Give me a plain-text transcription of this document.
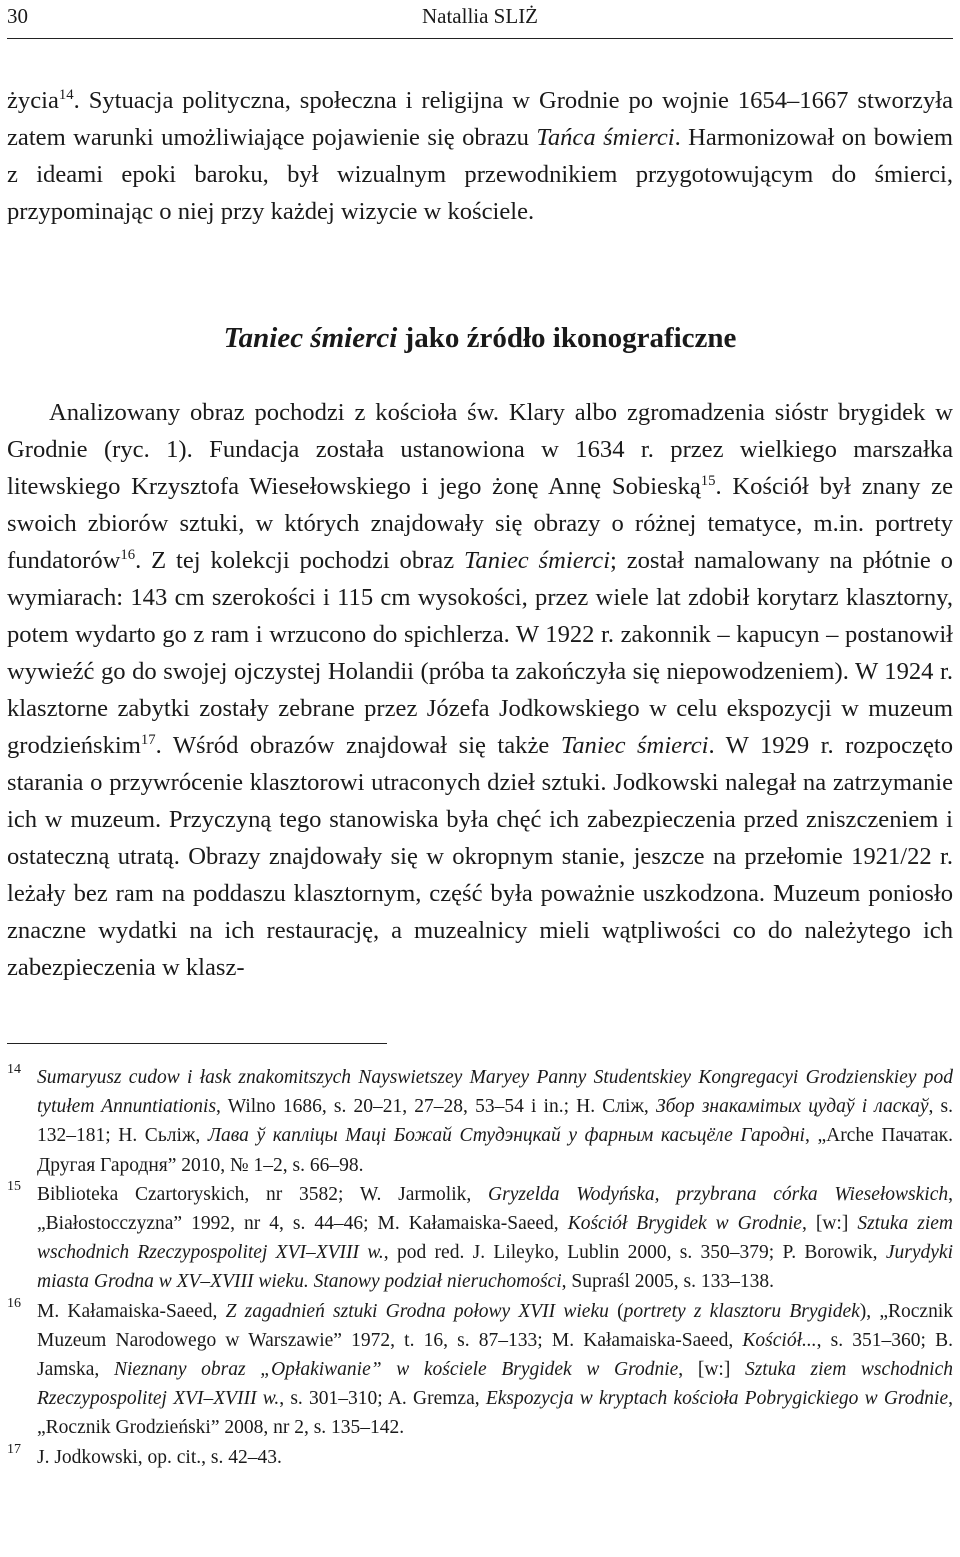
30	Natallia SLIŻ

życia$^{14}$. Sytuacja polityczna, społeczna i religijna w Grodnie po wojnie 1654–1667 stworzyła zatem warunki umożliwiające pojawienie się obrazu Tańca śmierci. Harmonizował on bowiem z ideami epoki baroku, był wizualnym przewodnikiem przygotowującym do śmierci, przypominając o niej przy każdej wizycie w kościele.

Taniec śmierci jako źródło ikonograficzne

Analizowany obraz pochodzi z kościoła św. Klary albo zgromadzenia sióstr brygidek w Grodnie (ryc. 1). Fundacja została ustanowiona w 1634 r. przez wielkiego marszałka litewskiego Krzysztofa Wiesełowskiego i jego żonę Annę Sobieską$^{15}$. Kościół był znany ze swoich zbiorów sztuki, w których znajdowały się obrazy o różnej tematyce, m.in. portrety fundatorów$^{16}$. Z tej kolekcji pochodzi obraz Taniec śmierci; został namalowany na płótnie o wymiarach: 143 cm szerokości i 115 cm wysokości, przez wiele lat zdobił korytarz klasztorny, potem wydarto go z ram i wrzucono do spichlerza. W 1922 r. zakonnik – kapucyn – postanowił wywieźć go do swojej ojczystej Holandii (próba ta zakończyła się niepowodzeniem). W 1924 r. klasztorne zabytki zostały zebrane przez Józefa Jodkowskiego w celu ekspozycji w muzeum grodzieńskim$^{17}$. Wśród obrazów znajdował się także Taniec śmierci. W 1929 r. rozpoczęto starania o przywrócenie klasztorowi utraconych dzieł sztuki. Jodkowski nalegał na zatrzymanie ich w muzeum. Przyczyną tego stanowiska była chęć ich zabezpieczenia przed zniszczeniem i ostateczną utratą. Obrazy znajdowały się w okropnym stanie, jeszcze na przełomie 1921/22 r. leżały bez ram na poddaszu klasztornym, część była poważnie uszkodzona. Muzeum poniosło znaczne wydatki na ich restaurację, a muzealnicy mieli wątpliwości co do należytego ich zabezpieczenia w klasz-

14 Sumaryusz cudow i łask znakomitszych Nayswietszey Maryey Panny Studentskiey Kongregacyi Grodzienskiey pod tytułem Annuntiationis, Wilno 1686, s. 20–21, 27–28, 53–54 i in.; Н. Сліж, Збор знакамітых цудаў і ласкаў, s. 132–181; Н. Сьлiж, Лава ў капліцы Маці Божай Студэнцкай у фарным касьцёле Гародні, „Arche Пачатак. Другая Гародня” 2010, № 1–2, s. 66–98.

15 Biblioteka Czartoryskich, nr 3582; W. Jarmolik, Gryzelda Wodyńska, przybrana córka Wiesełowskich, „Białostocczyzna” 1992, nr 4, s. 44–46; M. Kałamaiska-Saeed, Kościół Brygidek w Grodnie, [w:] Sztuka ziem wschodnich Rzeczypospolitej XVI–XVIII w., pod red. J. Lileyko, Lublin 2000, s. 350–379; P. Borowik, Jurydyki miasta Grodna w XV–XVIII wieku. Stanowy podział nieruchomości, Supraśl 2005, s. 133–138.

16 M. Kałamaiska-Saeed, Z zagadnień sztuki Grodna połowy XVII wieku (portrety z klasztoru Brygidek), „Rocznik Muzeum Narodowego w Warszawie” 1972, t. 16, s. 87–133; M. Kałamaiska-Saeed, Kościół..., s. 351–360; B. Jamska, Nieznany obraz „Opłakiwanie” w kościele Brygidek w Grodnie, [w:] Sztuka ziem wschodnich Rzeczypospolitej XVI–XVIII w., s. 301–310; A. Gremza, Ekspozycja w kryptach kościoła Pobrygickiego w Grodnie, „Rocznik Grodzieński” 2008, nr 2, s. 135–142.

17 J. Jodkowski, op. cit., s. 42–43.
